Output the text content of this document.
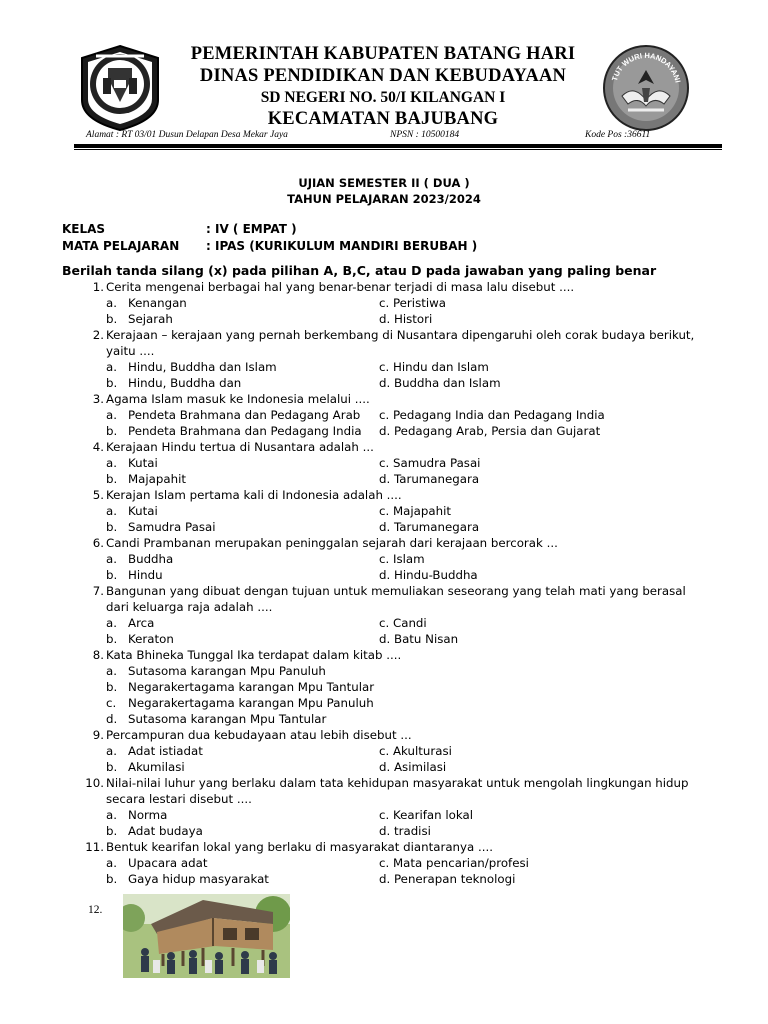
PEMERINTAH KABUPATEN BATANG HARI
DINAS PENDIDIKAN DAN KEBUDAYAAN
SD NEGERI NO. 50/I KILANGAN I
KECAMATAN BAJUBANG
TUT WURI HANDAYANI
Alamat : RT 03/01 Dusun Delapan Desa Mekar Jaya	NPSN : 10500184	Kode Pos :36611
UJIAN SEMESTER II ( DUA )
TAHUN PELAJARAN 2023/2024
KELAS	: IV ( EMPAT )
MATA PELAJARAN : IPAS (KURIKULUM MANDIRI BERUBAH )
Berilah tanda silang (x) pada pilihan A, B,C, atau D pada jawaban yang paling benar
1. Cerita mengenai berbagai hal yang benar-benar terjadi di masa lalu disebut ....
a. Kenangan	c. Peristiwa
b. Sejarah	d. Histori
2. Kerajaan – kerajaan yang pernah berkembang di Nusantara dipengaruhi oleh corak budaya berikut, yaitu ....
a. Hindu, Buddha dan Islam	c. Hindu dan Islam
b. Hindu, Buddha dan	d. Buddha dan Islam
3. Agama Islam masuk ke Indonesia melalui ....
a. Pendeta Brahmana dan Pedagang Arab c. Pedagang India dan Pedagang India
b. Pendeta Brahmana dan Pedagang India d. Pedagang Arab, Persia dan Gujarat
4. Kerajaan Hindu tertua di Nusantara adalah ...
a. Kutai	c. Samudra Pasai
b. Majapahit	d. Tarumanegara
5. Kerajan Islam pertama kali di Indonesia adalah ....
a. Kutai	c. Majapahit
b. Samudra Pasai	d. Tarumanegara
6. Candi Prambanan merupakan peninggalan sejarah dari kerajaan bercorak ...
a. Buddha	c. Islam
b. Hindu	d. Hindu-Buddha
7. Bangunan yang dibuat dengan tujuan untuk memuliakan seseorang yang telah mati yang berasal dari keluarga raja adalah ....
a. Arca	c. Candi
b. Keraton	d. Batu Nisan
8. Kata Bhineka Tunggal Ika terdapat dalam kitab ....
a. Sutasoma karangan Mpu Panuluh
b. Negarakertagama karangan Mpu Tantular
c. Negarakertagama karangan Mpu Panuluh
d. Sutasoma karangan Mpu Tantular
9. Percampuran dua kebudayaan atau lebih disebut ...
a. Adat istiadat	c. Akulturasi
b. Akumilasi	d. Asimilasi
10. Nilai-nilai luhur yang berlaku dalam tata kehidupan masyarakat untuk mengolah lingkungan hidup secara lestari disebut ....
a. Norma	c. Kearifan lokal
b. Adat budaya	d. tradisi
11. Bentuk kearifan lokal yang berlaku di masyarakat diantaranya ....
a. Upacara adat	c. Mata pencarian/profesi
b. Gaya hidup masyarakat	d. Penerapan teknologi
12.
